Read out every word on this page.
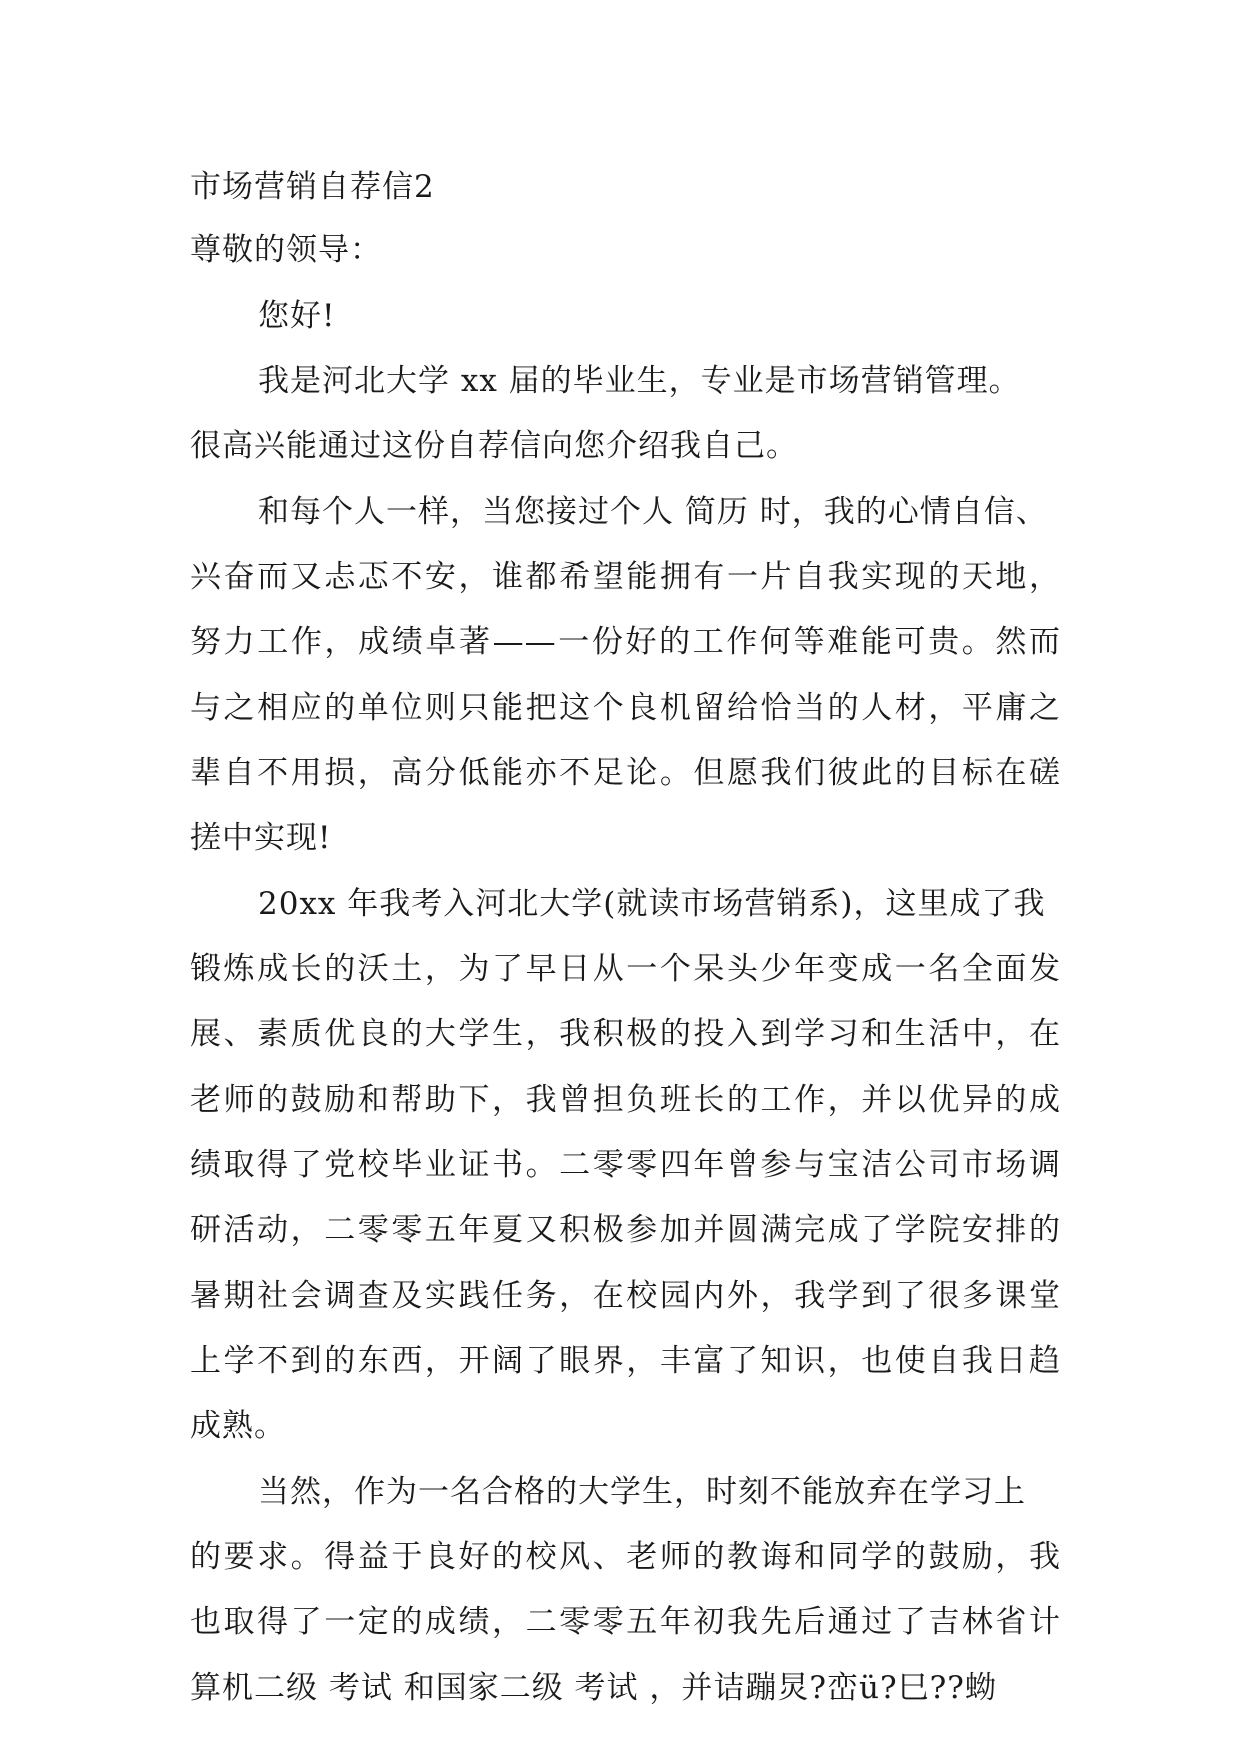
市场营销自荐信2
尊敬的领导：
您好!
我是河北大学 xx 届的毕业生，专业是市场营销管理。
很高兴能通过这份自荐信向您介绍我自己。
和每个人一样，当您接过个人 简历 时，我的心情自信、
兴奋而又忐忑不安，谁都希望能拥有一片自我实现的天地，
努力工作，成绩卓著——一份好的工作何等难能可贵。然而
与之相应的单位则只能把这个良机留给恰当的人材，平庸之
辈自不用损，高分低能亦不足论。但愿我们彼此的目标在磋
搓中实现!
20xx 年我考入河北大学(就读市场营销系)，这里成了我
锻炼成长的沃土，为了早日从一个呆头少年变成一名全面发
展、素质优良的大学生，我积极的投入到学习和生活中，在
老师的鼓励和帮助下，我曾担负班长的工作，并以优异的成
绩取得了党校毕业证书。二零零四年曾参与宝洁公司市场调
研活动，二零零五年夏又积极参加并圆满完成了学院安排的
暑期社会调查及实践任务，在校园内外，我学到了很多课堂
上学不到的东西，开阔了眼界，丰富了知识，也使自我日趋
成熟。
当然，作为一名合格的大学生，时刻不能放弃在学习上
的要求。得益于良好的校风、老师的教诲和同学的鼓励，我
也取得了一定的成绩，二零零五年初我先后通过了吉林省计
算机二级 考试 和国家二级 考试 ，并诘蹦炅?峦ü?巳??蚴
